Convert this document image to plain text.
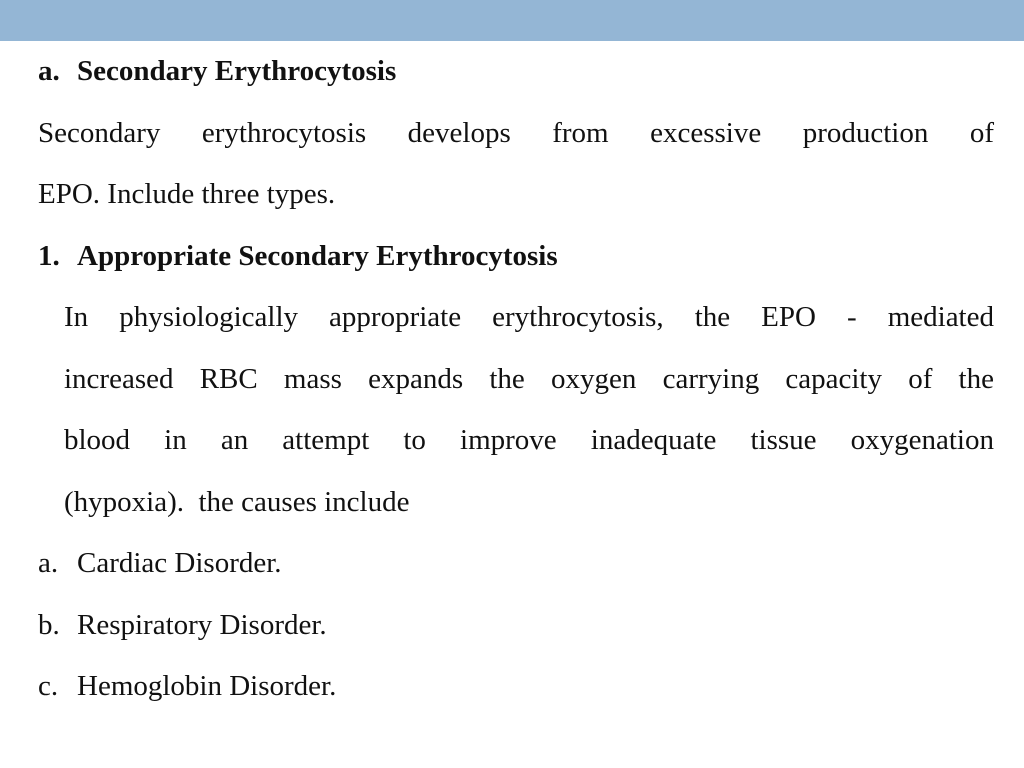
a. Secondary Erythrocytosis
Secondary erythrocytosis develops from excessive production of
EPO. Include three types.
1. Appropriate Secondary Erythrocytosis
In physiologically appropriate erythrocytosis, the EPO - mediated
increased RBC mass expands the oxygen carrying capacity of the
blood in an attempt to improve inadequate tissue oxygenation
(hypoxia).  the causes include
a. Cardiac Disorder.
b. Respiratory Disorder.
c. Hemoglobin Disorder.
